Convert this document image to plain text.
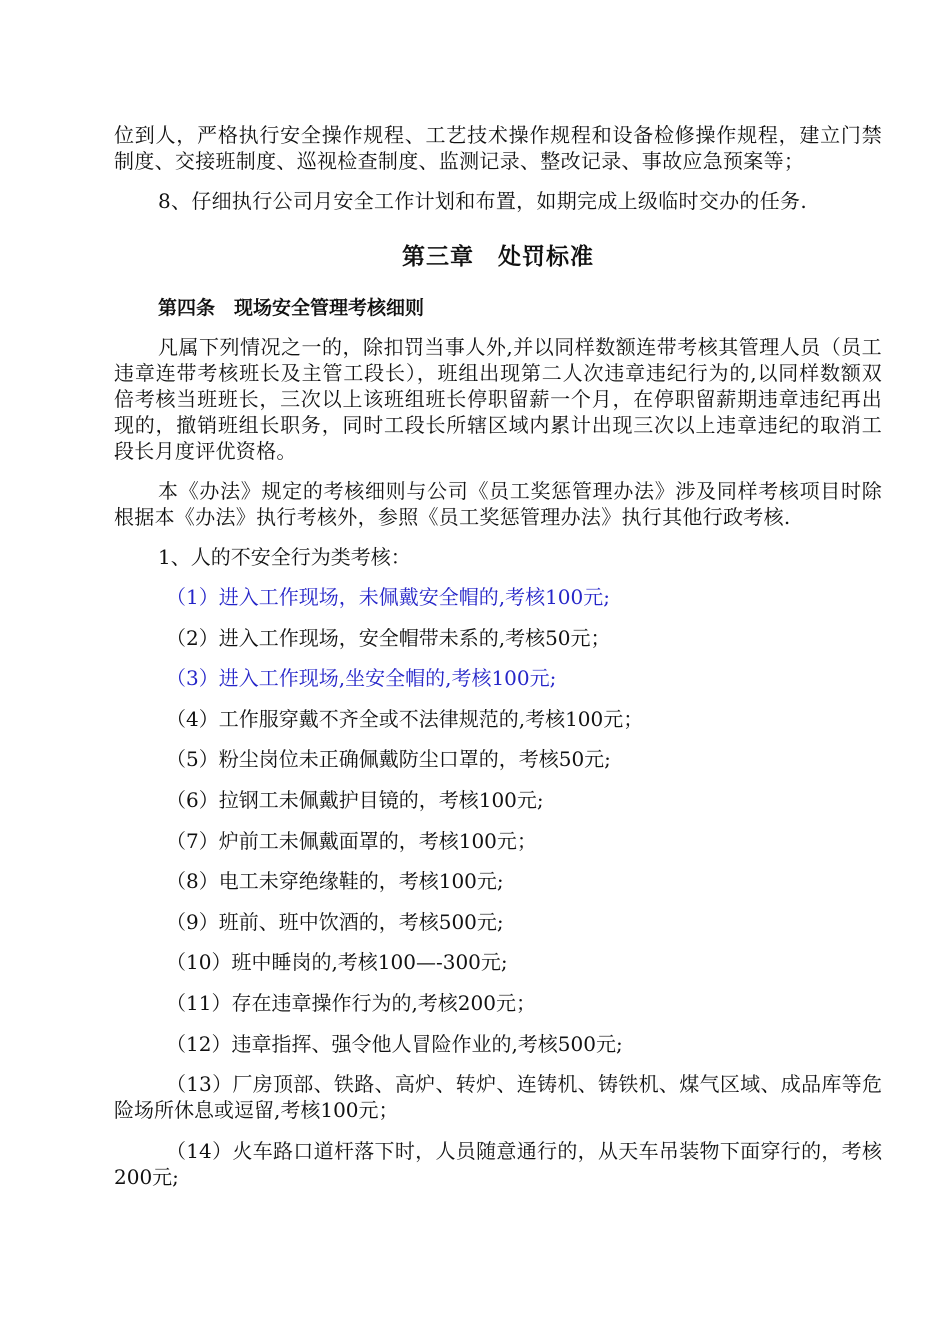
位到人，严格执行安全操作规程、工艺技术操作规程和设备检修操作规程，建立门禁制度、交接班制度、巡视检查制度、监测记录、整改记录、事故应急预案等；

8、仔细执行公司月安全工作计划和布置，如期完成上级临时交办的任务.

第三章　处罚标准
第四条　现场安全管理考核细则

凡属下列情况之一的，除扣罚当事人外,并以同样数额连带考核其管理人员（员工违章连带考核班长及主管工段长），班组出现第二人次违章违纪行为的,以同样数额双倍考核当班班长，三次以上该班组班长停职留薪一个月，在停职留薪期违章违纪再出现的，撤销班组长职务，同时工段长所辖区域内累计出现三次以上违章违纪的取消工段长月度评优资格。

本《办法》规定的考核细则与公司《员工奖惩管理办法》涉及同样考核项目时除根据本《办法》执行考核外，参照《员工奖惩管理办法》执行其他行政考核.

1、人的不安全行为类考核：

（1）进入工作现场，未佩戴安全帽的,考核100元;

（2）进入工作现场，安全帽带未系的,考核50元；

（3）进入工作现场,坐安全帽的,考核100元;

（4）工作服穿戴不齐全或不法律规范的,考核100元；

（5）粉尘岗位未正确佩戴防尘口罩的，考核50元;

（6）拉钢工未佩戴护目镜的，考核100元;

（7）炉前工未佩戴面罩的，考核100元；

（8）电工未穿绝缘鞋的，考核100元;

（9）班前、班中饮酒的，考核500元;

（10）班中睡岗的,考核100—-300元;

（11）存在违章操作行为的,考核200元；

（12）违章指挥、强令他人冒险作业的,考核500元;

（13）厂房顶部、铁路、高炉、转炉、连铸机、铸铁机、煤气区域、成品库等危险场所休息或逗留,考核100元；

（14）火车路口道杆落下时，人员随意通行的，从天车吊装物下面穿行的，考核200元;
